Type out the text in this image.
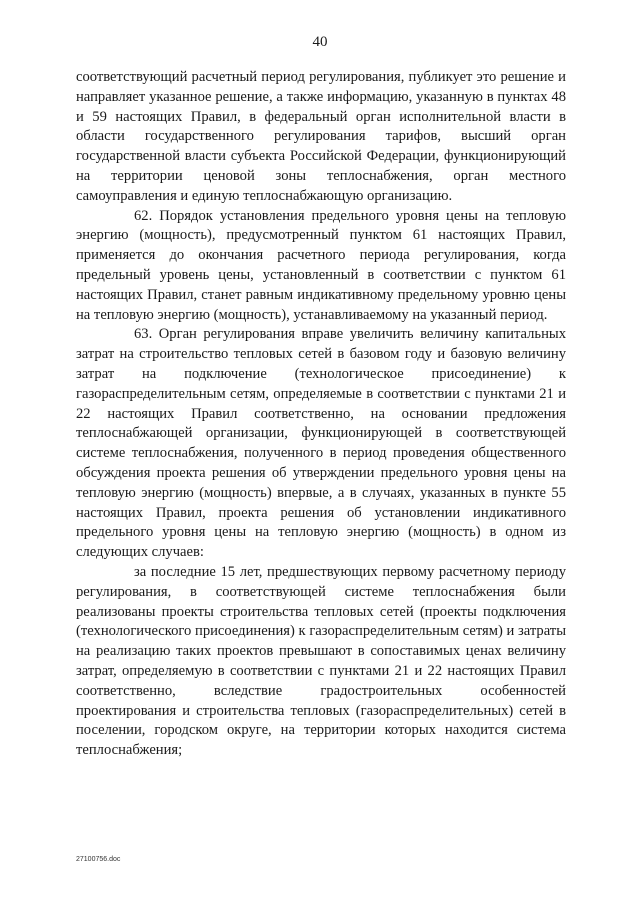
40

соответствующий расчетный период регулирования, публикует это решение и направляет указанное решение, а также информацию, указанную в пунктах 48 и 59 настоящих Правил, в федеральный орган исполнительной власти в области государственного регулирования тарифов, высший орган государственной власти субъекта Российской Федерации, функционирующий на территории ценовой зоны теплоснабжения, орган местного самоуправления и единую теплоснабжающую организацию.

62. Порядок установления предельного уровня цены на тепловую энергию (мощность), предусмотренный пунктом 61 настоящих Правил, применяется до окончания расчетного периода регулирования, когда предельный уровень цены, установленный в соответствии с пунктом 61 настоящих Правил, станет равным индикативному предельному уровню цены на тепловую энергию (мощность), устанавливаемому на указанный период.

63. Орган регулирования вправе увеличить величину капитальных затрат на строительство тепловых сетей в базовом году и базовую величину затрат на подключение (технологическое присоединение) к газораспределительным сетям, определяемые в соответствии с пунктами 21 и 22 настоящих Правил соответственно, на основании предложения теплоснабжающей организации, функционирующей в соответствующей системе теплоснабжения, полученного в период проведения общественного обсуждения проекта решения об утверждении предельного уровня цены на тепловую энергию (мощность) впервые, а в случаях, указанных в пункте 55 настоящих Правил, проекта решения об установлении индикативного предельного уровня цены на тепловую энергию (мощность) в одном из следующих случаев:

за последние 15 лет, предшествующих первому расчетному периоду регулирования, в соответствующей системе теплоснабжения были реализованы проекты строительства тепловых сетей (проекты подключения (технологического присоединения) к газораспределительным сетям) и затраты на реализацию таких проектов превышают в сопоставимых ценах величину затрат, определяемую в соответствии с пунктами 21 и 22 настоящих Правил соответственно, вследствие градостроительных особенностей проектирования и строительства тепловых (газораспределительных) сетей в поселении, городском округе, на территории которых находится система теплоснабжения;

27100756.doc
